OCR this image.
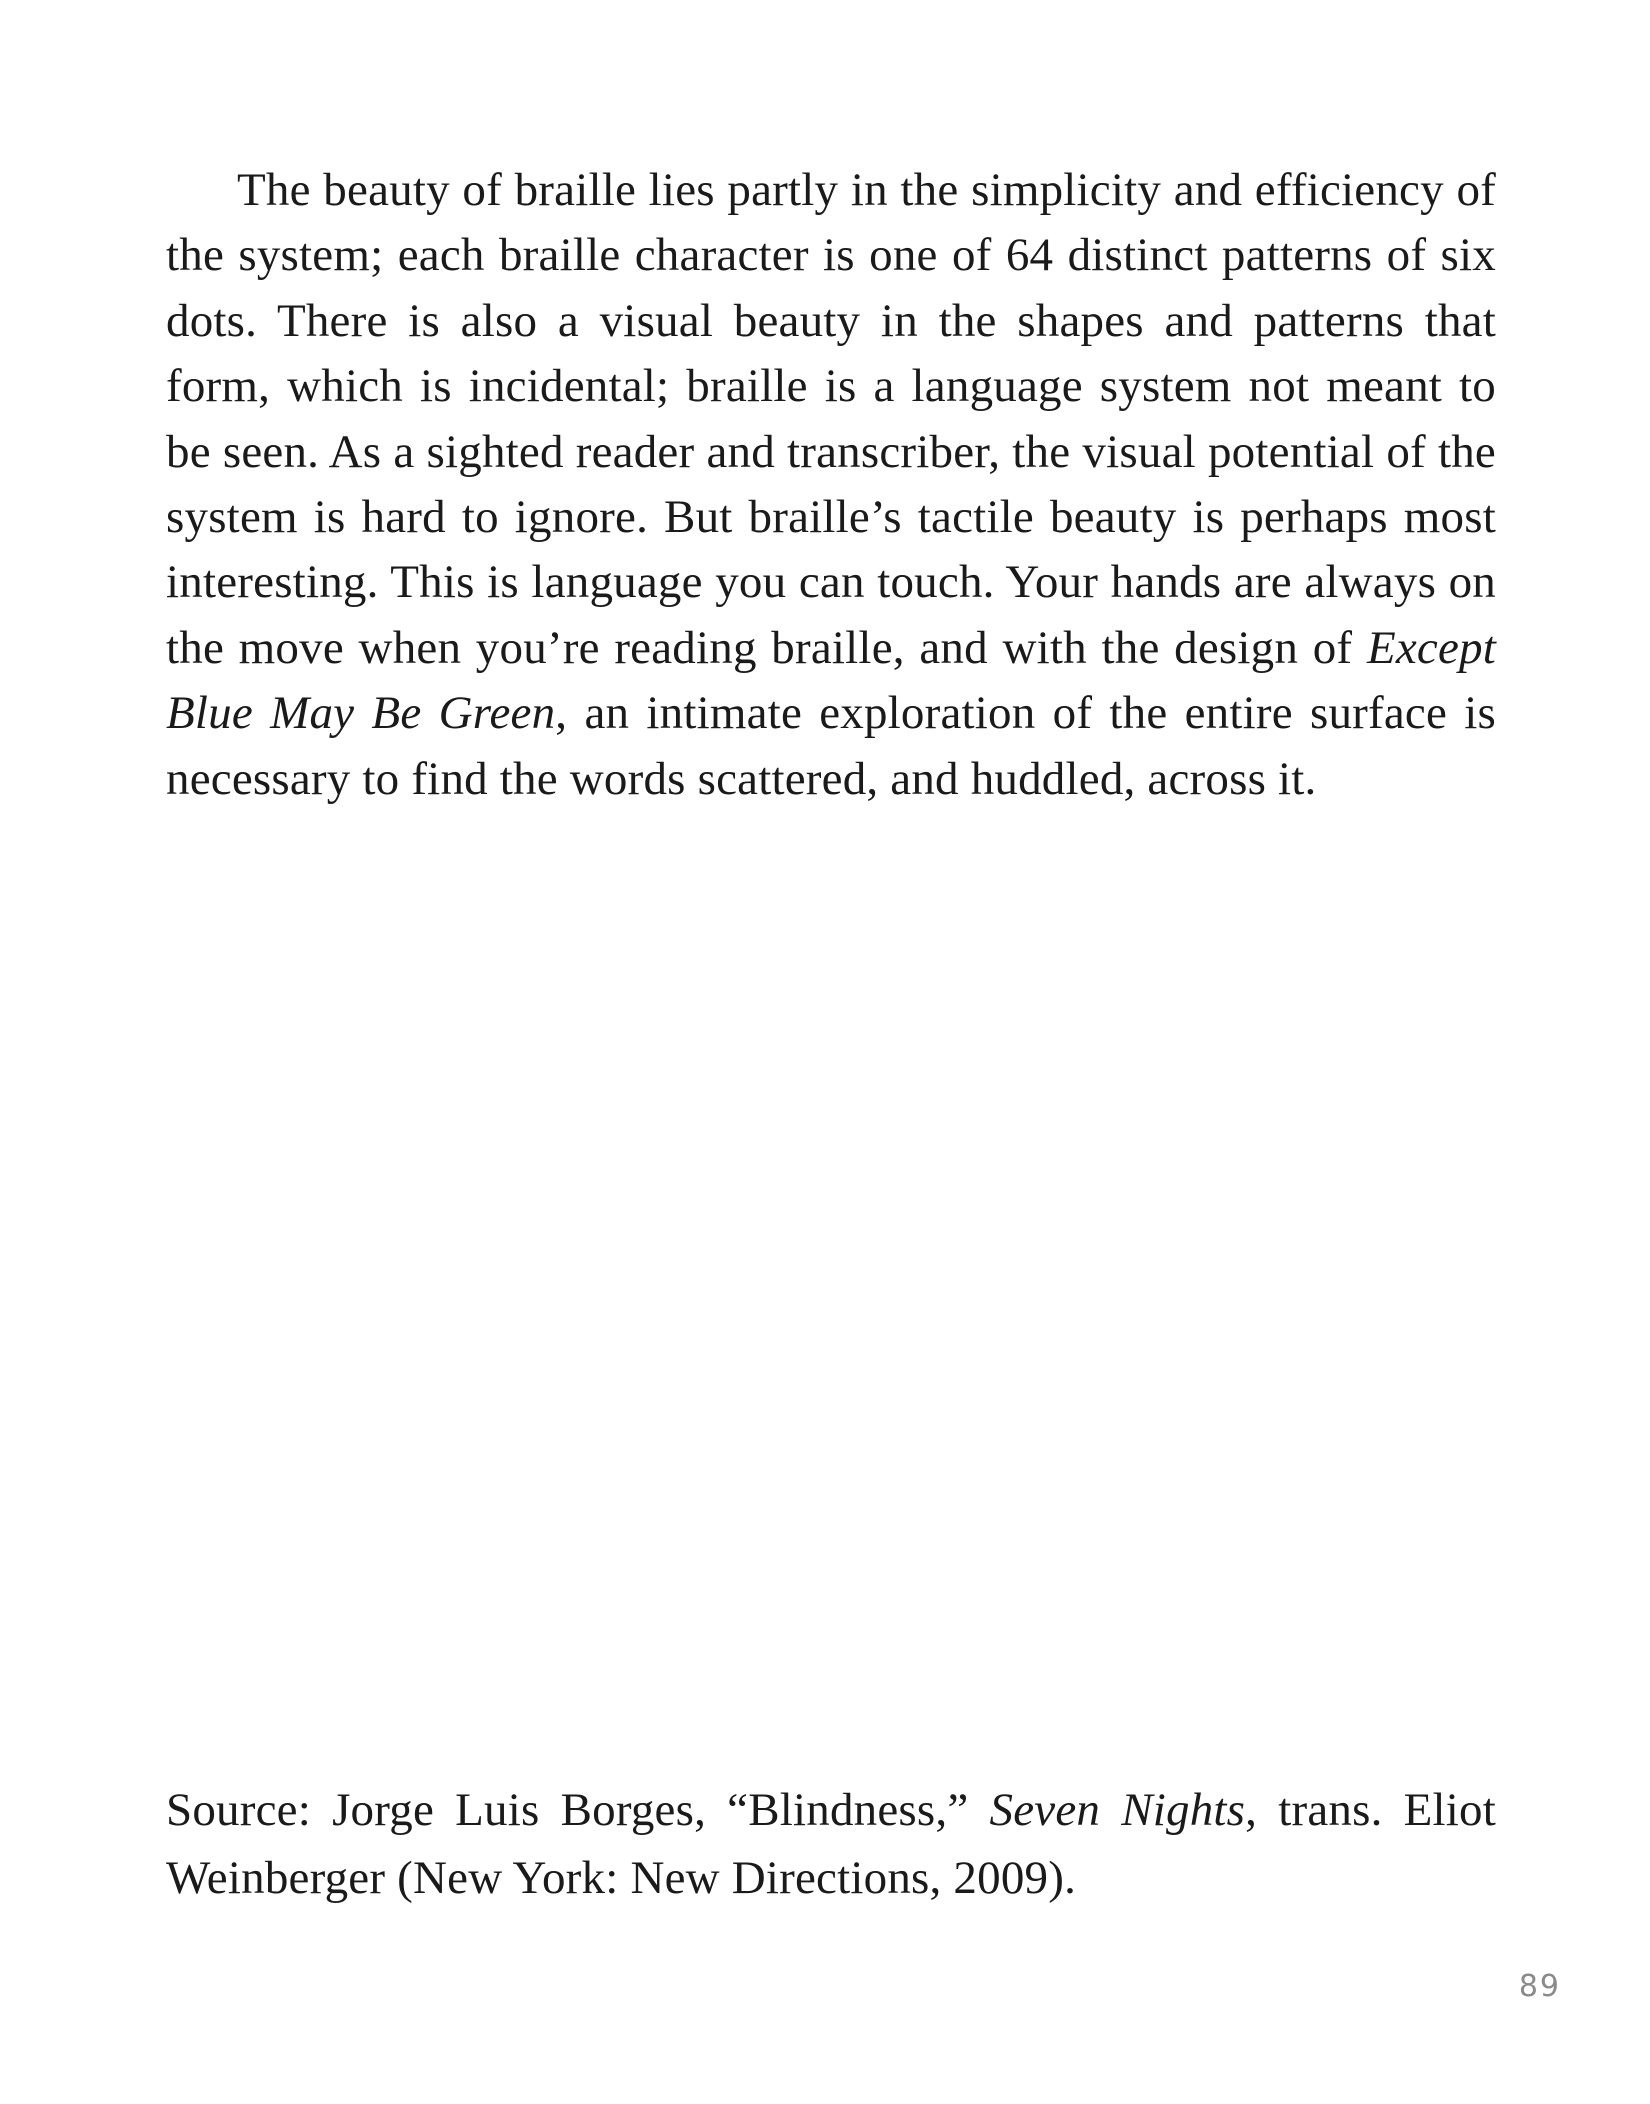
The beauty of braille lies partly in the simplicity and efficiency of the system; each braille character is one of 64 distinct patterns of six dots. There is also a visual beauty in the shapes and patterns that form, which is incidental; braille is a language system not meant to be seen. As a sighted reader and transcriber, the visual potential of the system is hard to ignore. But braille’s tactile beauty is perhaps most interesting. This is language you can touch. Your hands are always on the move when you’re reading braille, and with the design of Except Blue May Be Green, an intimate exploration of the entire surface is necessary to find the words scattered, and huddled, across it.

Source: Jorge Luis Borges, “Blindness,” Seven Nights, trans. Eliot Weinberger (New York: New Directions, 2009).

89
